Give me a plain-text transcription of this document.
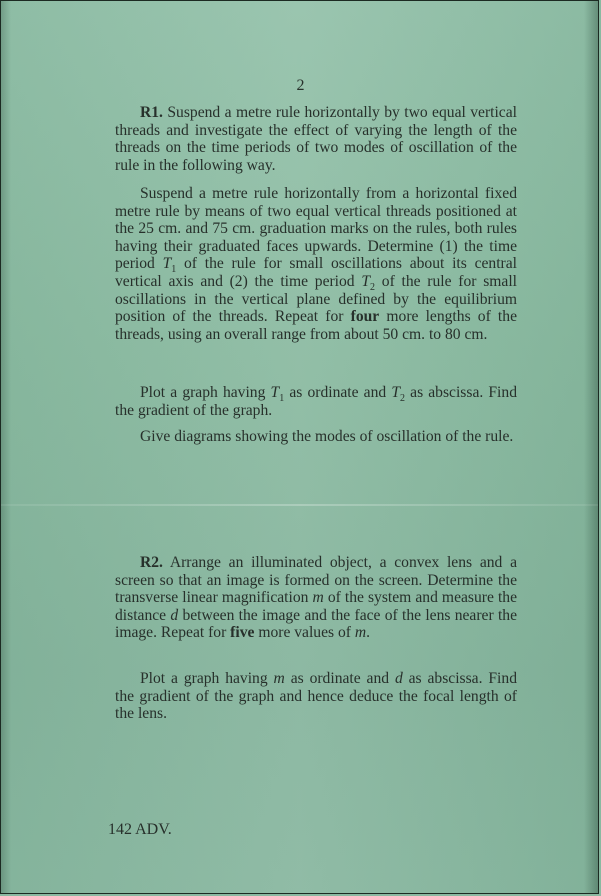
2

R1. Suspend a metre rule horizontally by two equal vertical threads and investigate the effect of varying the length of the threads on the time periods of two modes of oscillation of the rule in the following way.

Suspend a metre rule horizontally from a horizontal fixed metre rule by means of two equal vertical threads positioned at the 25 cm. and 75 cm. graduation marks on the rules, both rules having their graduated faces upwards. Determine (1) the time period $T_1$ of the rule for small oscillations about its central vertical axis and (2) the time period $T_2$ of the rule for small oscillations in the vertical plane defined by the equilibrium position of the threads. Repeat for four more lengths of the threads, using an overall range from about 50 cm. to 80 cm.

Plot a graph having $T_1$ as ordinate and $T_2$ as abscissa. Find the gradient of the graph.

Give diagrams showing the modes of oscillation of the rule.

R2. Arrange an illuminated object, a convex lens and a screen so that an image is formed on the screen. Determine the transverse linear magnification m of the system and measure the distance d between the image and the face of the lens nearer the image. Repeat for five more values of m.

Plot a graph having m as ordinate and d as abscissa. Find the gradient of the graph and hence deduce the focal length of the lens.

142 ADV.
